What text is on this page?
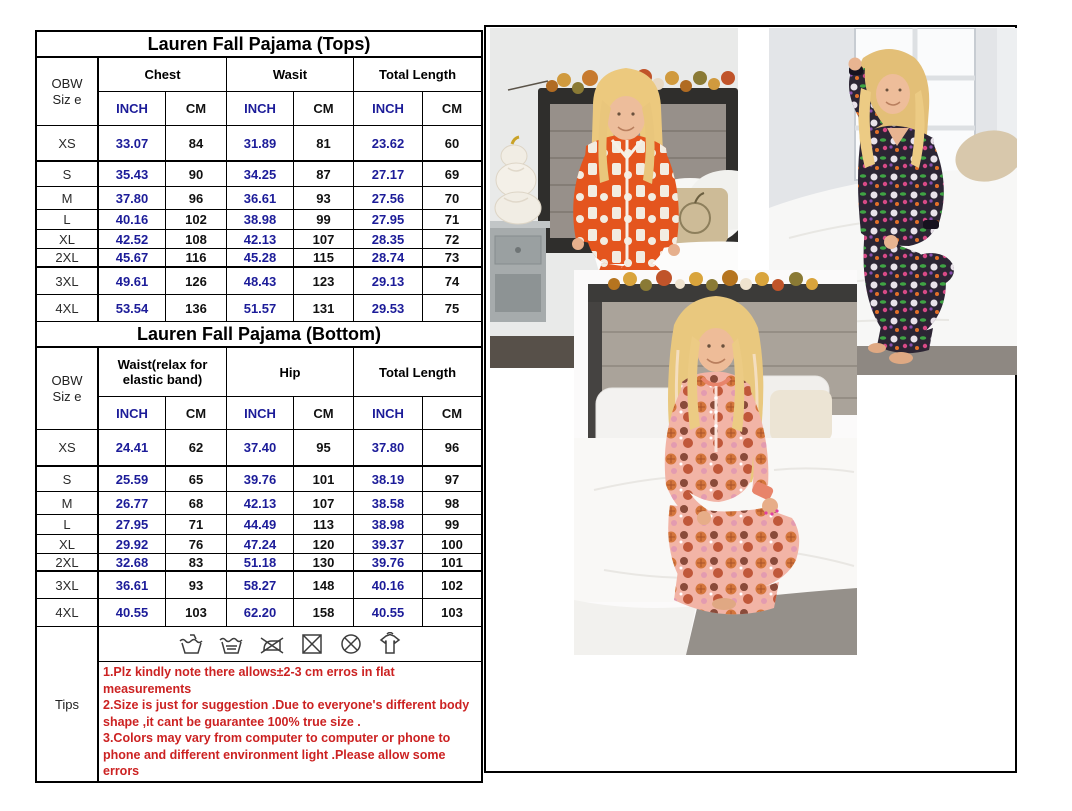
Lauren Fall Pajama (Tops)
OBW
Siz e
Chest	Wasit	Total Length
INCH	CM	INCH	CM	INCH	CM
XS	33.07	84	31.89	81	23.62	60
S	35.43	90	34.25	87	27.17	69
M	37.80	96	36.61	93	27.56	70
L	40.16	102	38.98	99	27.95	71
XL	42.52	108	42.13	107	28.35	72
2XL	45.67	116	45.28	115	28.74	73
3XL	49.61	126	48.43	123	29.13	74
4XL	53.54	136	51.57	131	29.53	75
Lauren Fall Pajama (Bottom)
OBW
Siz e
Waist(relax for elastic band)	Hip	Total Length
INCH	CM	INCH	CM	INCH	CM
XS	24.41	62	37.40	95	37.80	96
S	25.59	65	39.76	101	38.19	97
M	26.77	68	42.13	107	38.58	98
L	27.95	71	44.49	113	38.98	99
XL	29.92	76	47.24	120	39.37	100
2XL	32.68	83	51.18	130	39.76	101
3XL	36.61	93	58.27	148	40.16	102
4XL	40.55	103	62.20	158	40.55	103
Tips
1.Plz kindly note there allows±2-3 cm erros in flat measurements
2.Size is just for suggestion .Due to everyone's different body shape ,it cant be guarantee 100% true size .
3.Colors may vary from computer to computer or phone to phone and different environment light .Please allow some errors
